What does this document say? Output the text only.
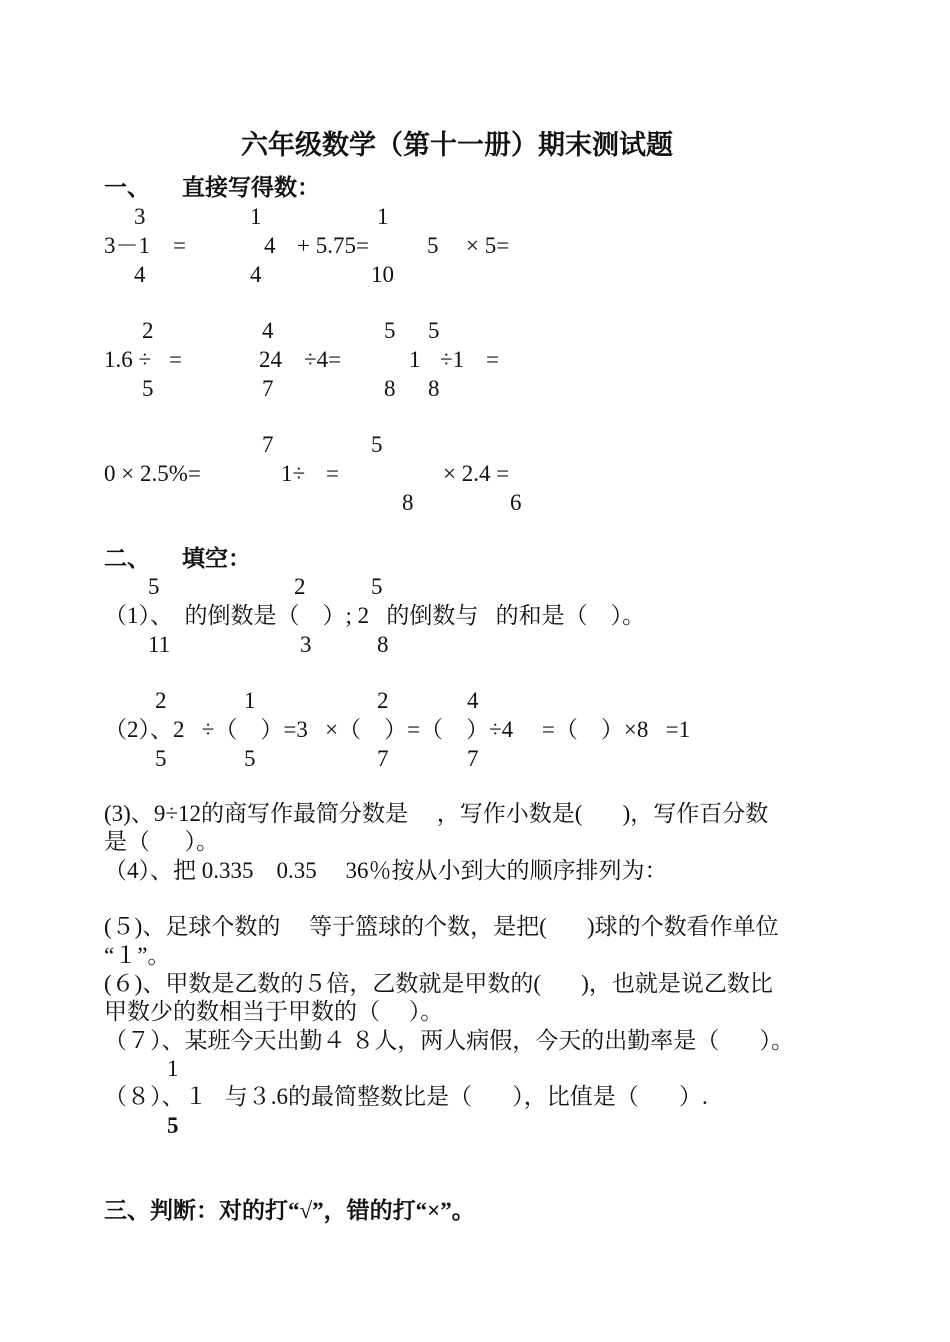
六年级数学（第十一册）期末测试题
一、 直接写得数：
3	1	1
3－1 =	4 + 5.75=	5 × 5=
4	4	10
2	4	5 5
1.6 ÷ =	24 ÷4=	1 ÷1 =
5	7	8 8
7	5
0 × 2.5%=	1÷ =	× 2.4 =
8	6
二、 填空：
5	2	5
（1）、  的倒数是（    ）; 2   的倒数与   的和是（    ）。
11	3	8
2	1	2	4
（2）、2   ÷（    ）=3   ×（    ）=（    ）÷4     =（    ）×8   =1
5	5	7	7
(3)、9÷12的商写作最简分数是     ，写作小数是(       )，写作百分数
是（      ）。
（4）、把 0.335    0.35     36％按从小到大的顺序排列为：
(５)、足球个数的     等于篮球的个数，是把(       )球的个数看作单位
“１”。
(６)、甲数是乙数的５倍，乙数就是甲数的(       )，也就是说乙数比
甲数少的数相当于甲数的（     ）。
（７）、某班今天出勤４ ８人，两人病假，今天的出勤率是（       ）。
1
（８）、１   与３.6的最简整数比是（       ），比值是（       ）.
5
三、判断：对的打“√”，错的打“×”。
